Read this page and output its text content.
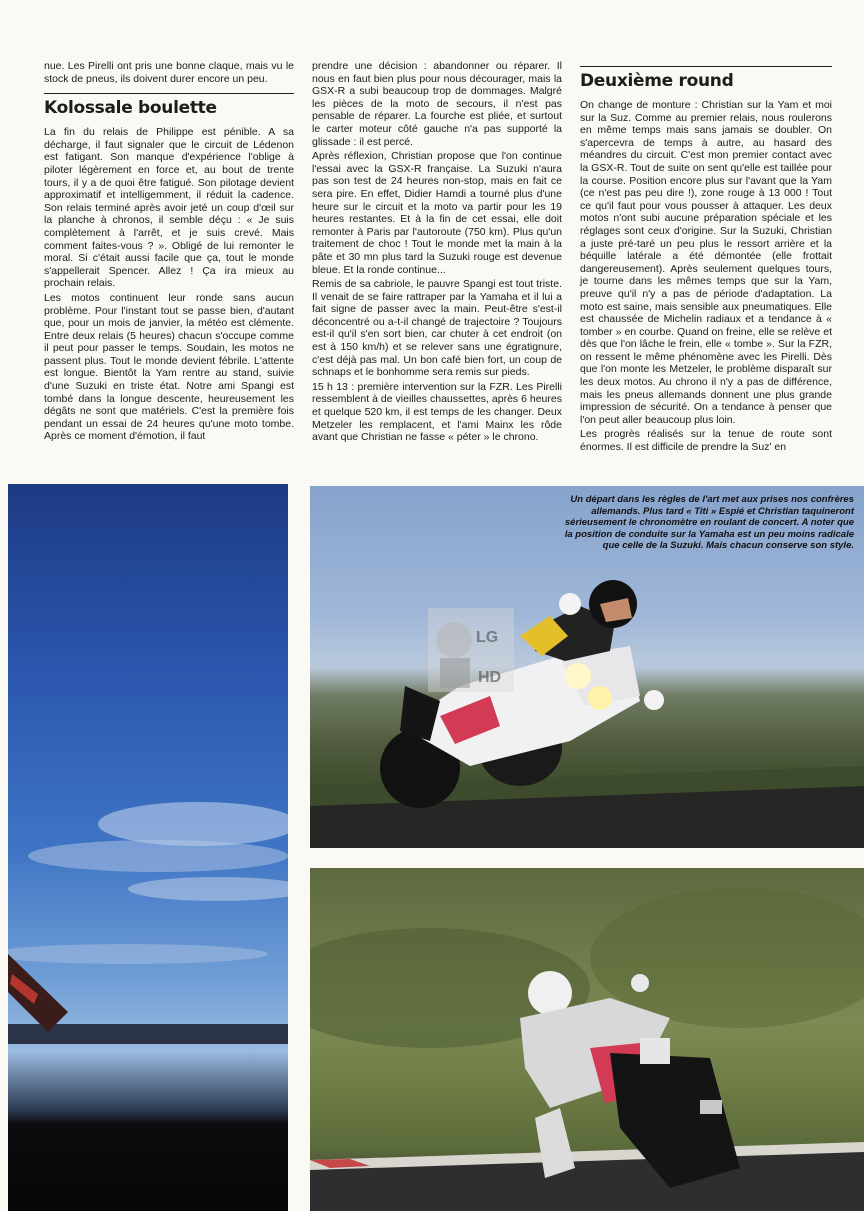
nue. Les Pirelli ont pris une bonne claque, mais vu le stock de pneus, ils doivent durer encore un peu.

Kolossale boulette

La fin du relais de Philippe est pénible. A sa décharge, il faut signaler que le circuit de Lédenon est fatigant. Son manque d'expérience l'oblige à piloter légèrement en force et, au bout de trente tours, il y a de quoi être fatigué. Son pilotage devient approximatif et intelligemment, il réduit la cadence. Son relais terminé après avoir jeté un coup d'œil sur la planche à chronos, il semble déçu : « Je suis complètement à l'arrêt, et je suis crevé. Mais comment faites-vous ? ». Obligé de lui remonter le moral. Si c'était aussi facile que ça, tout le monde s'appellerait Spencer. Allez ! Ça ira mieux au prochain relais.

Les motos continuent leur ronde sans aucun problème. Pour l'instant tout se passe bien, d'autant que, pour un mois de janvier, la météo est clémente. Entre deux relais (5 heures) chacun s'occupe comme il peut pour passer le temps. Soudain, les motos ne passent plus. Tout le monde devient fébrile. L'attente est longue. Bientôt la Yam rentre au stand, suivie d'une Suzuki en triste état. Notre ami Spangi est tombé dans la longue descente, heureusement les dégâts ne sont que matériels. C'est la première fois pendant un essai de 24 heures qu'une moto tombe. Après ce moment d'émotion, il faut

prendre une décision : abandonner ou réparer. Il nous en faut bien plus pour nous décourager, mais la GSX-R a subi beaucoup trop de dommages. Malgré les pièces de la moto de secours, il n'est pas pensable de réparer. La fourche est pliée, et surtout le carter moteur côté gauche n'a pas supporté la glissade : il est percé.

Après réflexion, Christian propose que l'on continue l'essai avec la GSX-R française. La Suzuki n'aura pas son test de 24 heures non-stop, mais en fait ce sera pire. En effet, Didier Hamdi a tourné plus d'une heure sur le circuit et la moto va partir pour les 19 heures restantes. Et à la fin de cet essai, elle doit remonter à Paris par l'autoroute (750 km). Plus qu'un traitement de choc ! Tout le monde met la main à la pâte et 30 mn plus tard la Suzuki rouge est devenue bleue. Et la ronde continue...

Remis de sa cabriole, le pauvre Spangi est tout triste. Il venait de se faire rattraper par la Yamaha et il lui a fait signe de passer avec la main. Peut-être s'est-il déconcentré ou a-t-il changé de trajectoire ? Toujours est-il qu'il s'en sort bien, car chuter à cet endroit (on est à 150 km/h) et se relever sans une égratignure, c'est déjà pas mal. Un bon café bien fort, un coup de schnaps et le bonhomme sera remis sur pieds.

15 h 13 : première intervention sur la FZR. Les Pirelli ressemblent à de vieilles chaussettes, après 6 heures et quelque 520 km, il est temps de les changer. Deux Metzeler les remplacent, et l'ami Mainx les rôde avant que Christian ne fasse « péter » le chrono.

Deuxième round

On change de monture : Christian sur la Yam et moi sur la Suz. Comme au premier relais, nous roulerons en même temps mais sans jamais se doubler. On s'apercevra de temps à autre, au hasard des méandres du circuit. C'est mon premier contact avec la GSX-R. Tout de suite on sent qu'elle est taillée pour la course. Position encore plus sur l'avant que la Yam (ce n'est pas peu dire !), zone rouge à 13 000 ! Tout ce qu'il faut pour vous pousser à attaquer. Les deux motos n'ont subi aucune préparation spéciale et les réglages sont ceux d'origine. Sur la Suzuki, Christian a juste pré-taré un peu plus le ressort arrière et la béquille latérale a été démontée (elle frottait dangereusement). Après seulement quelques tours, je tourne dans les mêmes temps que sur la Yam, preuve qu'il n'y a pas de période d'adaptation. La moto est saine, mais sensible aux pneumatiques. Elle est chaussée de Michelin radiaux et a tendance à « tomber » en courbe. Quand on freine, elle se relève et dès que l'on lâche le frein, elle « tombe ». Sur la FZR, on ressent le même phénomène avec les Pirelli. Dès que l'on monte les Metzeler, le problème disparaît sur les deux motos. Au chrono il n'y a pas de différence, mais les pneus allemands donnent une plus grande impression de sécurité. On a tendance à penser que l'on peut aller beaucoup plus loin.

Les progrès réalisés sur la tenue de route sont énormes. Il est difficile de prendre la Suz' en

Un départ dans les règles de l'art met aux prises nos confrères allemands. Plus tard « Titi » Espié et Christian taquineront sérieusement le chronomètre en roulant de concert. A noter que la position de conduite sur la Yamaha est un peu moins radicale que celle de la Suzuki. Mais chacun conserve son style.
LG
HD
